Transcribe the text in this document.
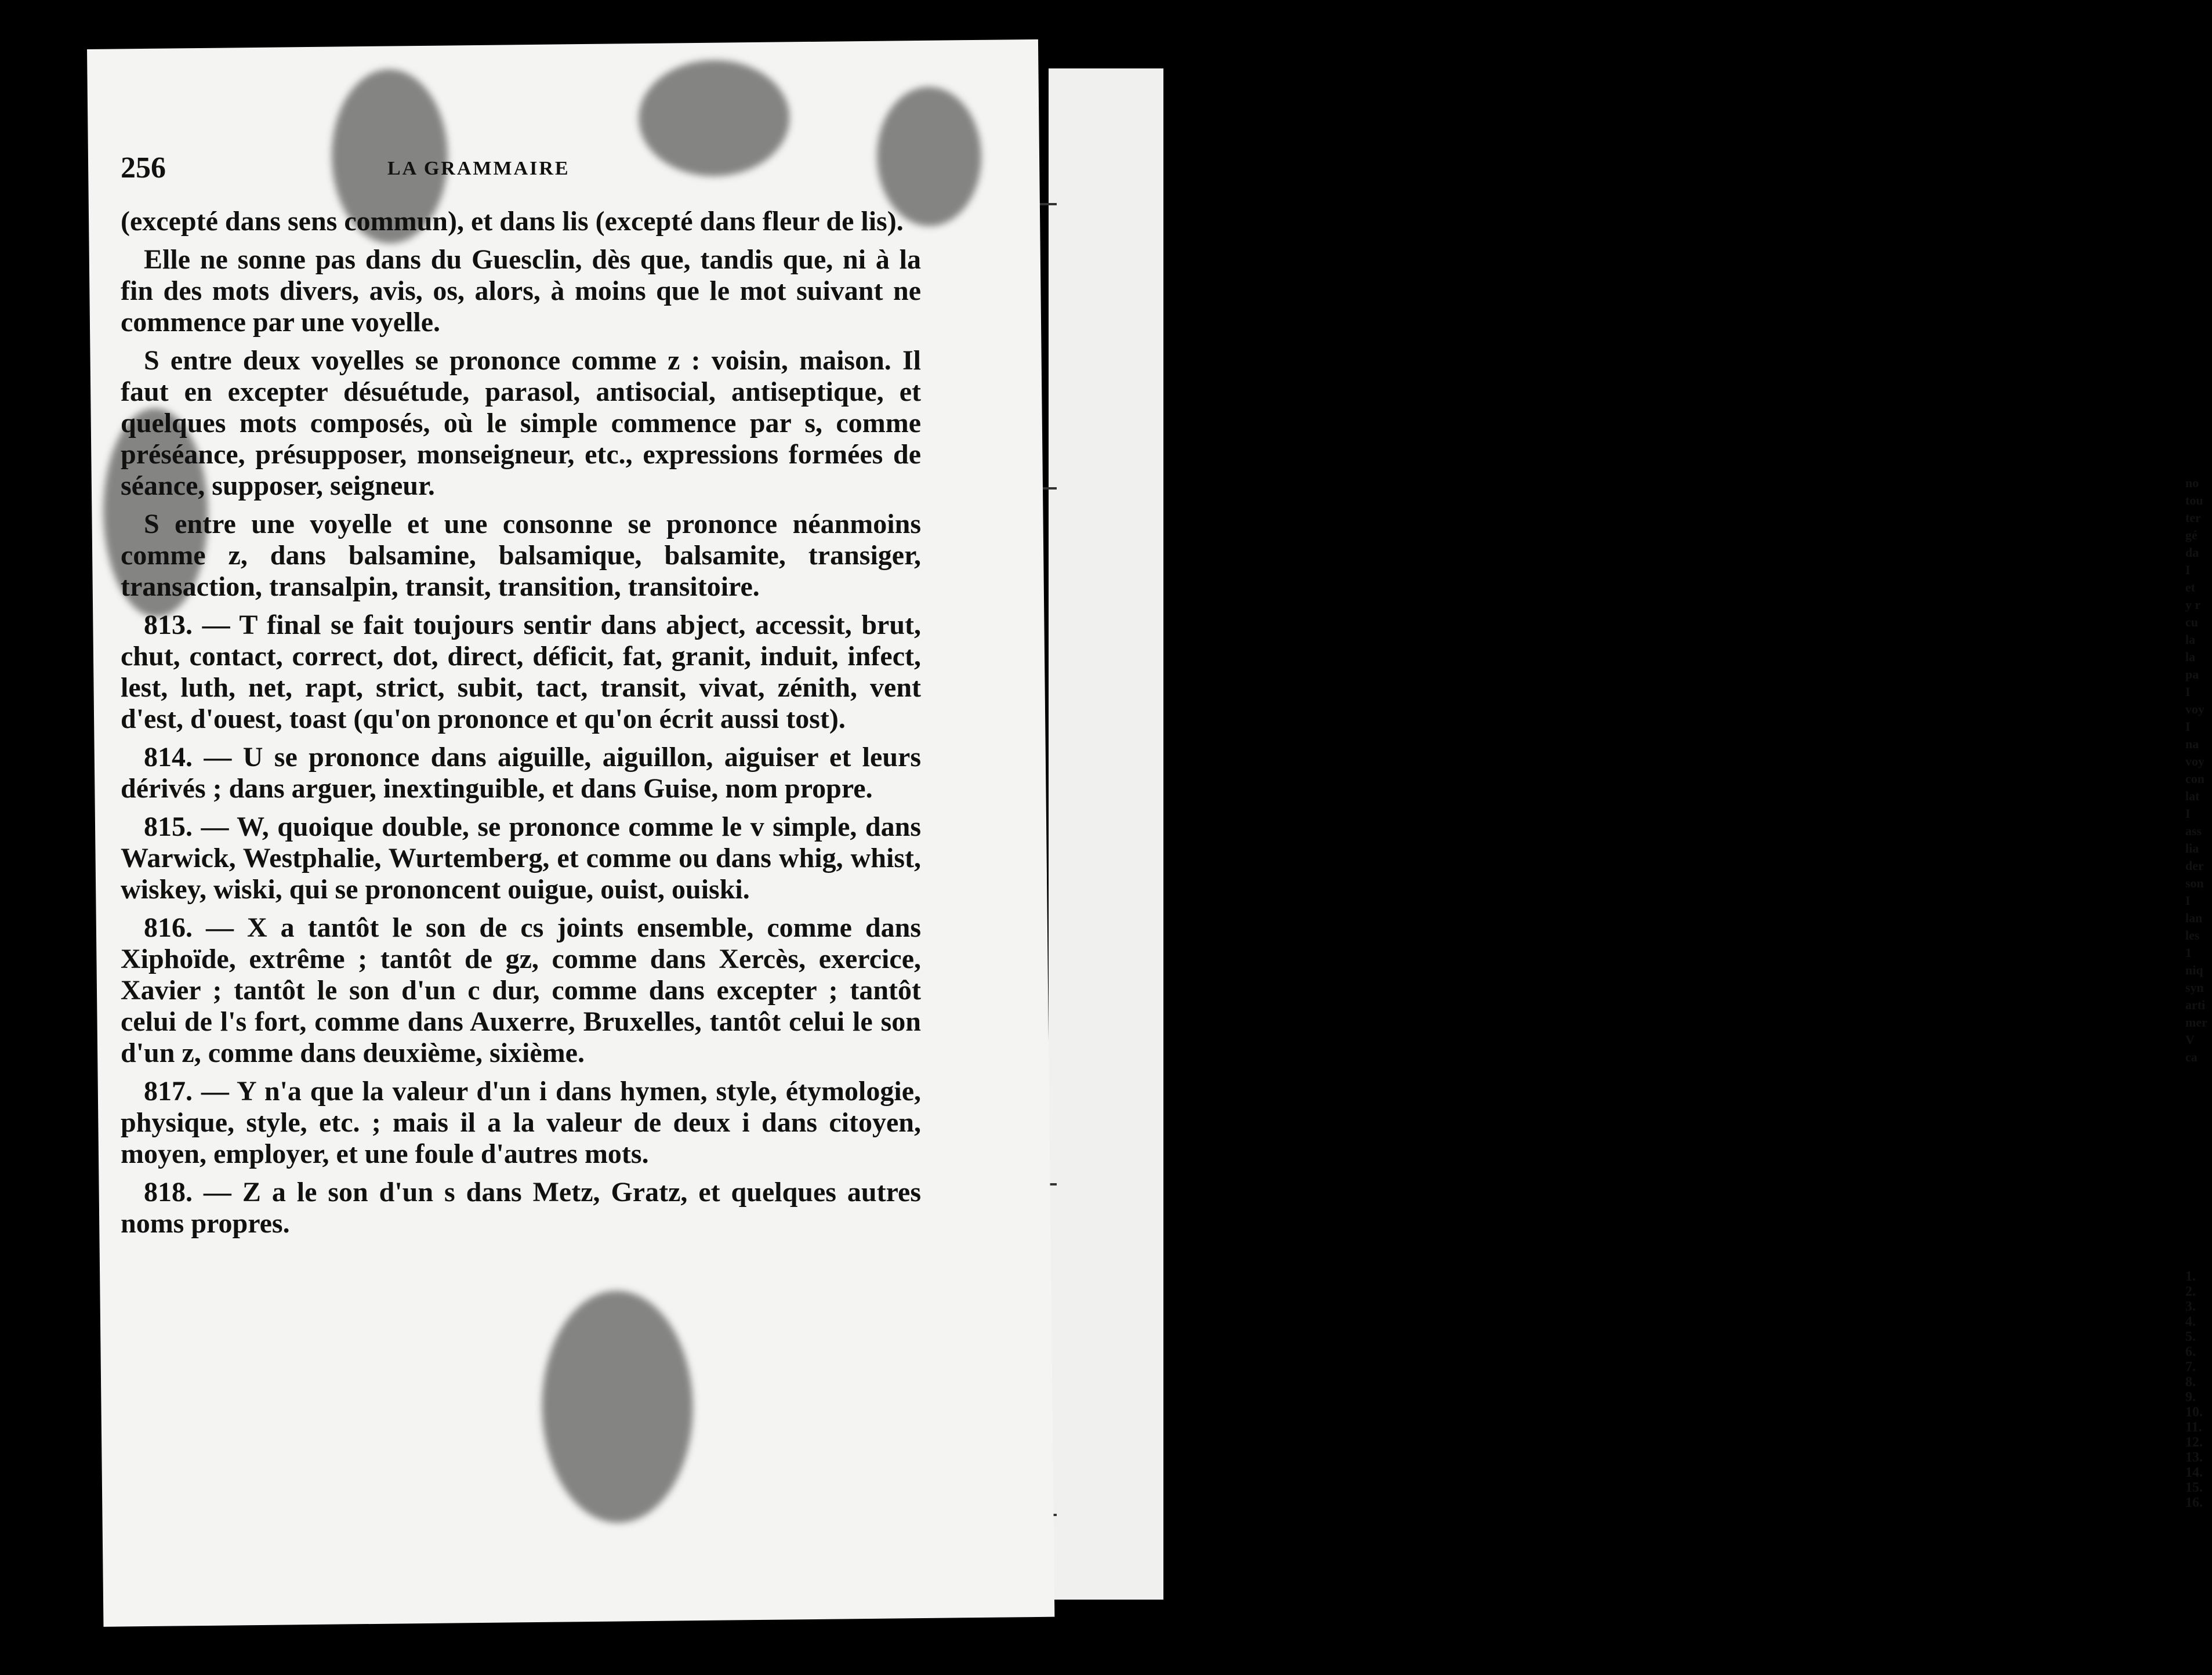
no
tou
ter
gé
da
I
et
y r
cu
la
la
pa
I
voy
I
na
voy
con
lat
I
ass
lia
der
son
I
lan
les
1
niq
syn
arti
mer
V
ca
1.
2.
3.
4.
5.
6.
7.
8.
9.
10.
11.
12.
13.
14.
15.
16.
256	LA GRAMMAIRE

(excepté dans sens commun), et dans lis (excepté dans fleur de lis).

Elle ne sonne pas dans du Guesclin, dès que, tandis que, ni à la fin des mots divers, avis, os, alors, à moins que le mot suivant ne commence par une voyelle.

S entre deux voyelles se prononce comme z : voisin, maison. Il faut en excepter désuétude, parasol, antisocial, antiseptique, et quelques mots composés, où le simple commence par s, comme préséance, présupposer, monseigneur, etc., expressions formées de séance, supposer, seigneur.

S entre une voyelle et une consonne se prononce néanmoins comme z, dans balsamine, balsamique, balsamite, transiger, transaction, transalpin, transit, transition, transitoire.

813. — T final se fait toujours sentir dans abject, accessit, brut, chut, contact, correct, dot, direct, déficit, fat, granit, induit, infect, lest, luth, net, rapt, strict, subit, tact, transit, vivat, zénith, vent d'est, d'ouest, toast (qu'on prononce et qu'on écrit aussi tost).

814. — U se prononce dans aiguille, aiguillon, aiguiser et leurs dérivés ; dans arguer, inextinguible, et dans Guise, nom propre.

815. — W, quoique double, se prononce comme le v simple, dans Warwick, Westphalie, Wurtemberg, et comme ou dans whig, whist, wiskey, wiski, qui se prononcent ouigue, ouist, ouiski.

816. — X a tantôt le son de cs joints ensemble, comme dans Xiphoïde, extrême ; tantôt de gz, comme dans Xercès, exercice, Xavier ; tantôt le son d'un c dur, comme dans excepter ; tantôt celui de l's fort, comme dans Auxerre, Bruxelles, tantôt celui le son d'un z, comme dans deuxième, sixième.

817. — Y n'a que la valeur d'un i dans hymen, style, étymologie, physique, style, etc. ; mais il a la valeur de deux i dans citoyen, moyen, employer, et une foule d'autres mots.

818. — Z a le son d'un s dans Metz, Gratz, et quelques autres noms propres.
